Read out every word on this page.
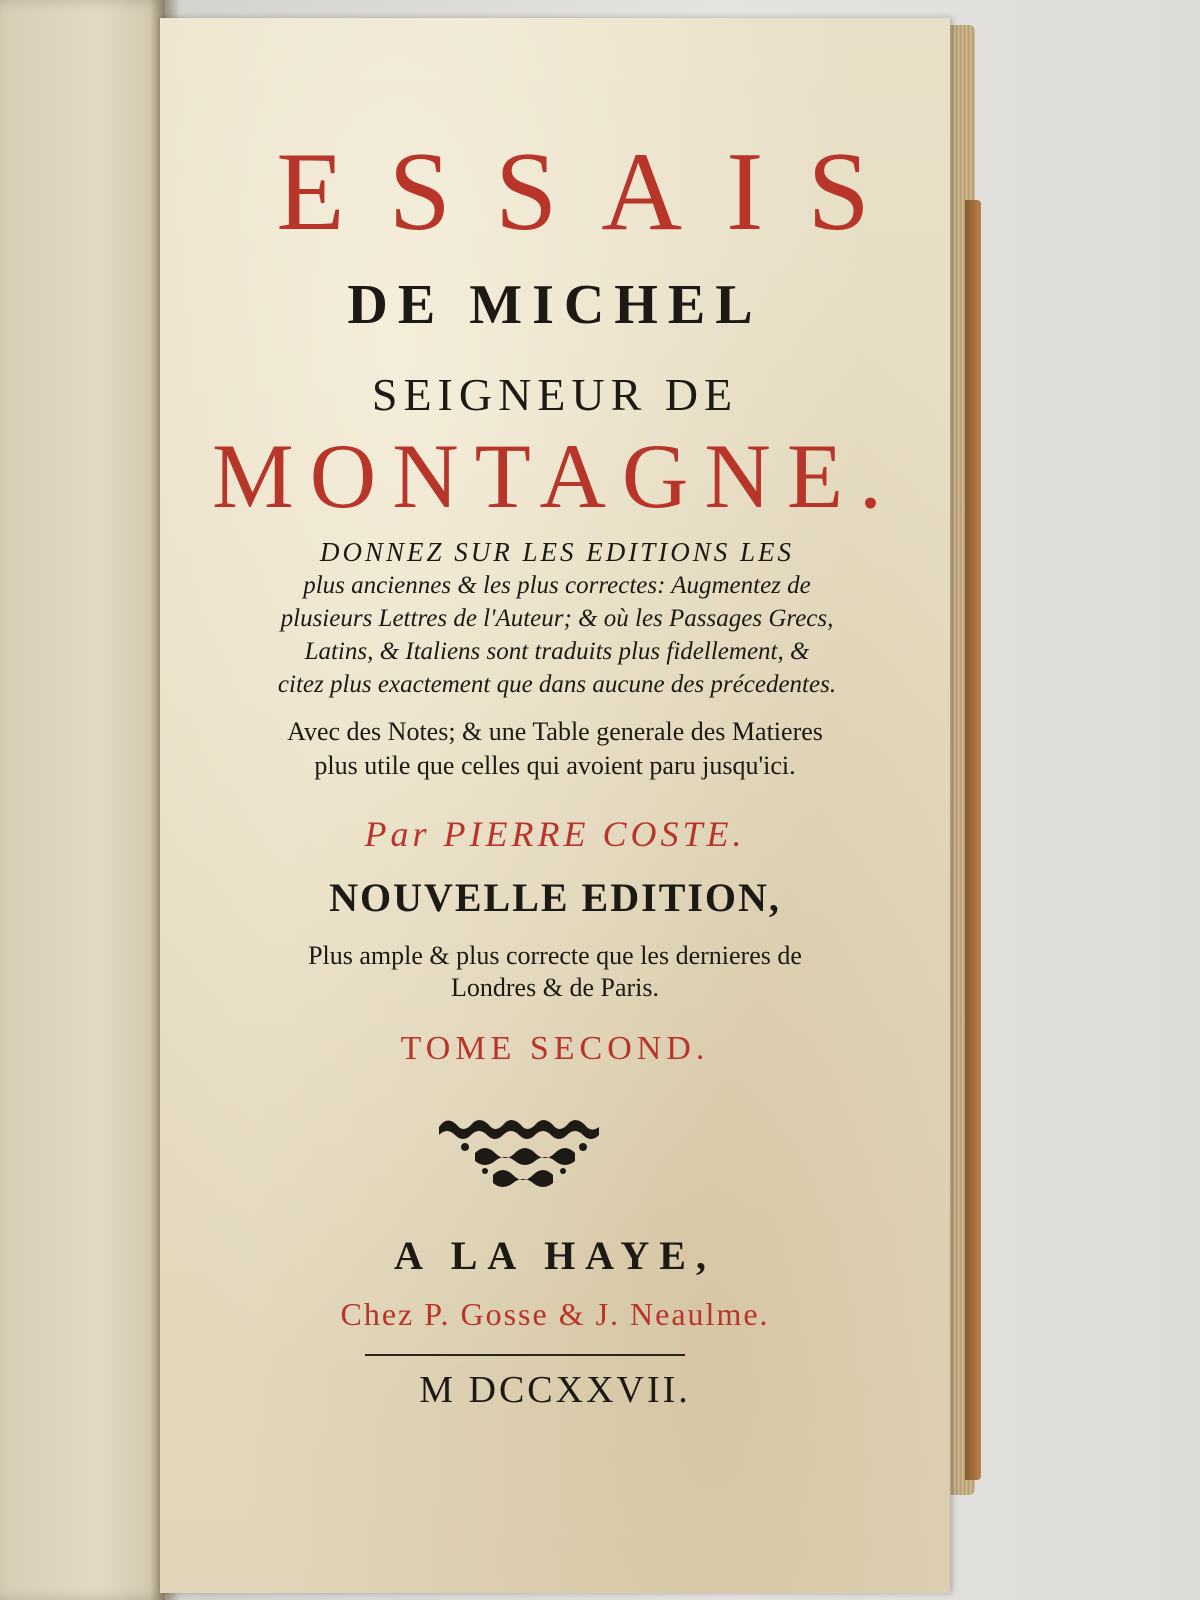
ESSAIS
DE MICHEL
SEIGNEUR DE
MONTAGNE.
DONNEZ SUR LES EDITIONS LES
plus anciennes & les plus correctes: Augmentez de
plusieurs Lettres de l'Auteur; & où les Passages Grecs,
Latins, & Italiens sont traduits plus fidellement, &
citez plus exactement que dans aucune des précedentes.
Avec des Notes; & une Table generale des Matieres
plus utile que celles qui avoient paru jusqu'ici.
Par PIERRE COSTE.
NOUVELLE EDITION,
Plus ample & plus correcte que les dernieres de
Londres & de Paris.
TOME SECOND.
A LA HAYE,
Chez P. Gosse & J. Neaulme.
M DCCXXVII.
